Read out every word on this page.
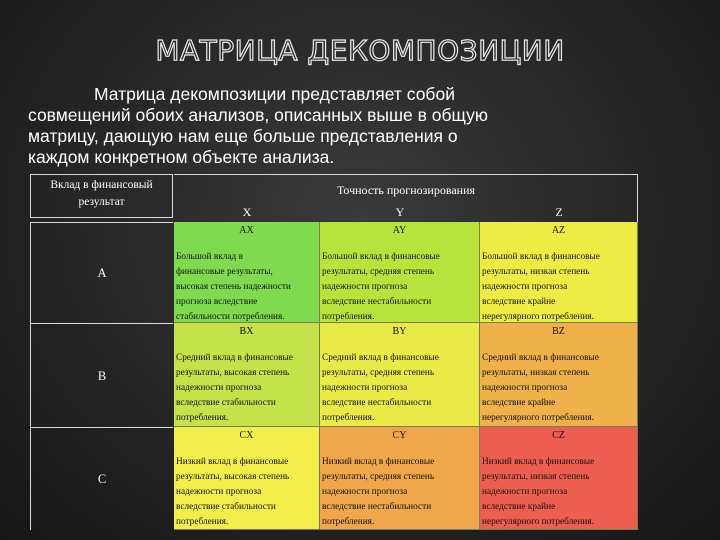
МАТРИЦА ДЕКОМПОЗИЦИИ
Матрица декомпозиции представляет собой
совмещений обоих анализов, описанных выше в общую
матрицу, дающую нам еще больше представления о
каждом конкретном объекте анализа.
Вклад в финансовый
результат
Точность прогнозирования
X	Y	Z
A
AX
Большой вклад в
финансовые результаты,
высокая степень надежности
прогноза вследствие
стабильности потребления.
AY
Большой вклад в финансовые
результаты, средняя степень
надежности прогноза
вследствие нестабильности
потребления.
AZ
Большой вклад в финансовые
результаты, низкая степень
надежности прогноза
вследствие крайне
нерегулярного потребления.
B
BX
Средний вклад в финансовые
результаты, высокая степень
надежности прогноза
вследствие стабильности
потребления.
BY
Средний вклад в финансовые
результаты, средняя степень
надежности прогноза
вследствие нестабильности
потребления.
BZ
Средний вклад в финансовые
результаты, низкая степень
надежности прогноза
вследствие крайне
нерегулярного потребления.
C
CX
Низкий вклад в финансовые
результаты, высокая степень
надежности прогноза
вследствие стабильности
потребления.
CY
Низкий вклад в финансовые
результаты, средняя степень
надежности прогноза
вследствие нестабильности
потребления.
CZ
Низкий вклад в финансовые
результаты, низкая степень
надежности прогноза
вследствие крайне
нерегулярного потребления.
